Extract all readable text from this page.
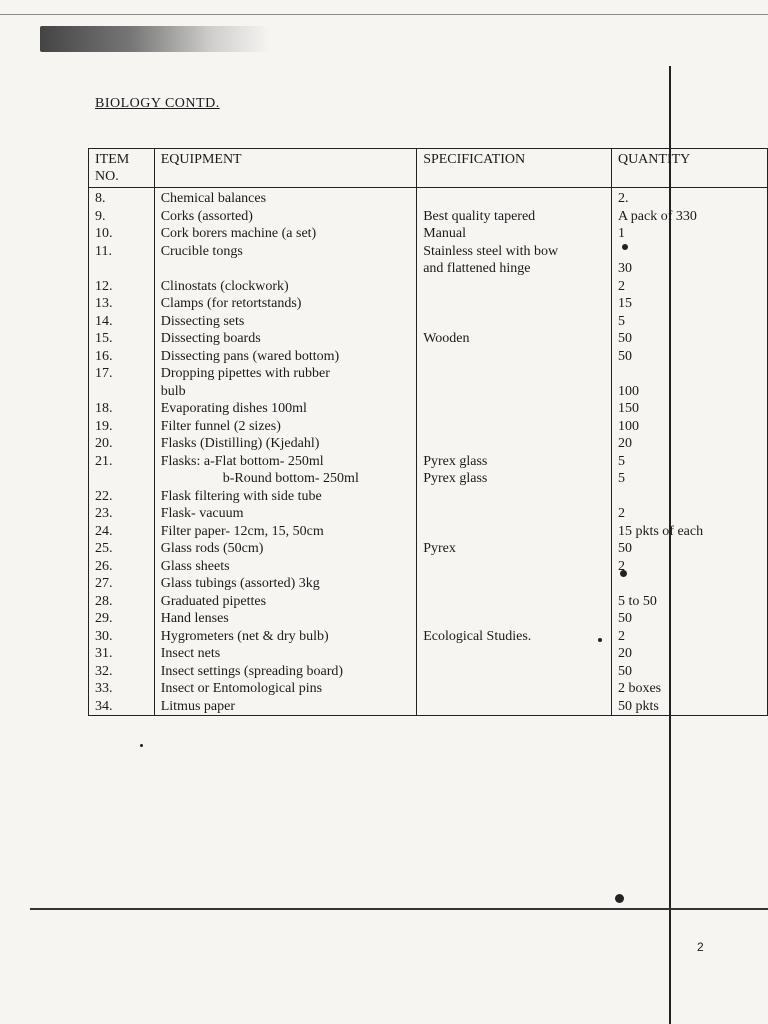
BIOLOGY CONTD.
ITEM NO.	EQUIPMENT	SPECIFICATION	QUANTITY
8.	Chemical balances		2.
9.	Corks (assorted)	Best quality tapered	A pack of 330
10.	Cork borers machine (a set)	Manual	1
11.	Crucible tongs	Stainless steel with bow	
		and flattened hinge	30
12.	Clinostats (clockwork)		2
13.	Clamps (for retortstands)		15
14.	Dissecting sets		5
15.	Dissecting boards	Wooden	50
16.	Dissecting pans (wared bottom)		50
17.	Dropping pipettes with rubber		
	bulb		100
18.	Evaporating dishes 100ml		150
19.	Filter funnel (2 sizes)		100
20.	Flasks (Distilling) (Kjedahl)		20
21.	Flasks: a-Flat bottom- 250ml	Pyrex glass	5
	b-Round bottom- 250ml	Pyrex glass	5
22.	Flask filtering with side tube		
23.	Flask- vacuum		2
24.	Filter paper- 12cm, 15, 50cm		15 pkts of each
25.	Glass rods (50cm)	Pyrex	50
26.	Glass sheets		2
27.	Glass tubings (assorted) 3kg		
28.	Graduated pipettes		5 to 50
29.	Hand lenses		50
30.	Hygrometers (net & dry bulb)	Ecological Studies.	2
31.	Insect nets		20
32.	Insect settings (spreading board)		50
33.	Insect or Entomological pins		2 boxes
34.	Litmus paper		50 pkts
2
